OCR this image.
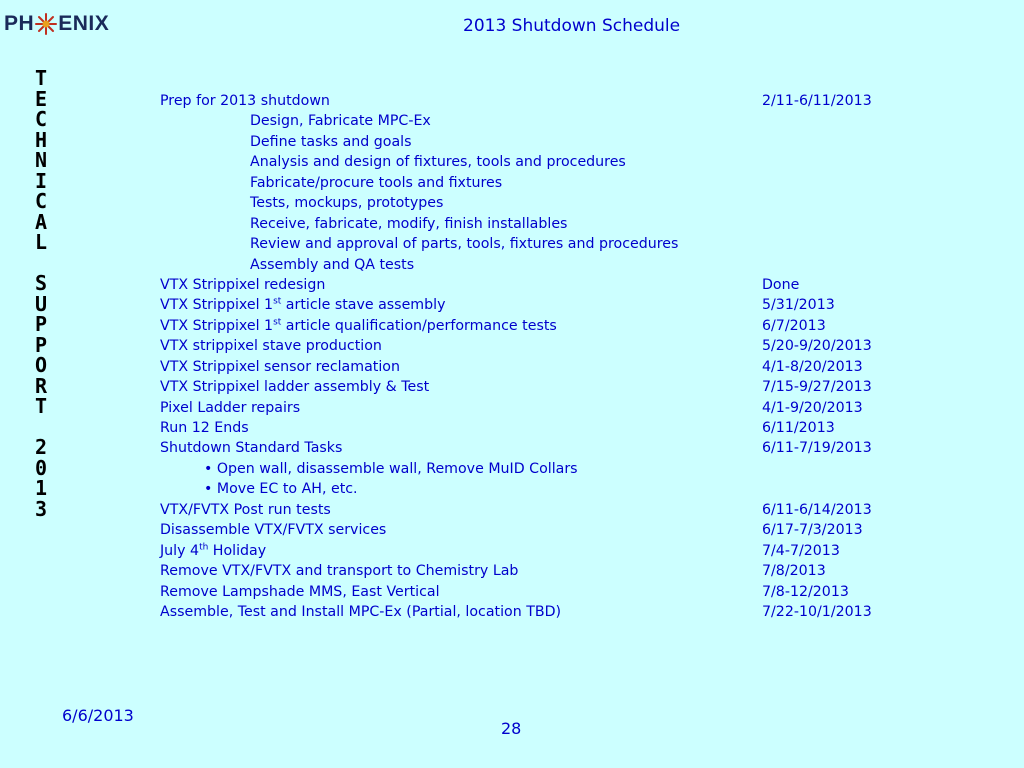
PH ENIX	2013 Shutdown Schedule
T
E
C
H
N
I
C
A
L

S
U
P
P
O
R
T

2
0
1
3
Prep for 2013 shutdown	2/11-6/11/2013
Design, Fabricate MPC-Ex
Define tasks and goals
Analysis and design of fixtures, tools and procedures
Fabricate/procure tools and fixtures
Tests, mockups, prototypes
Receive, fabricate, modify, finish installables
Review and approval of parts, tools, fixtures and procedures
Assembly and QA tests
VTX Strippixel redesign	Done
VTX Strippixel 1st article stave assembly	5/31/2013
VTX Strippixel 1st article qualification/performance tests	6/7/2013
VTX strippixel stave production	5/20-9/20/2013
VTX Strippixel sensor reclamation	4/1-8/20/2013
VTX Strippixel ladder assembly & Test	7/15-9/27/2013
Pixel Ladder repairs	4/1-9/20/2013
Run 12 Ends	6/11/2013
Shutdown Standard Tasks	6/11-7/19/2013
• Open wall, disassemble wall, Remove MuID Collars
• Move EC to AH, etc.
VTX/FVTX Post run tests	6/11-6/14/2013
Disassemble VTX/FVTX services	6/17-7/3/2013
July 4th Holiday	7/4-7/2013
Remove VTX/FVTX and transport to Chemistry Lab	7/8/2013
Remove Lampshade MMS, East Vertical	7/8-12/2013
Assemble, Test and Install MPC-Ex (Partial, location TBD)	7/22-10/1/2013
6/6/2013
28
